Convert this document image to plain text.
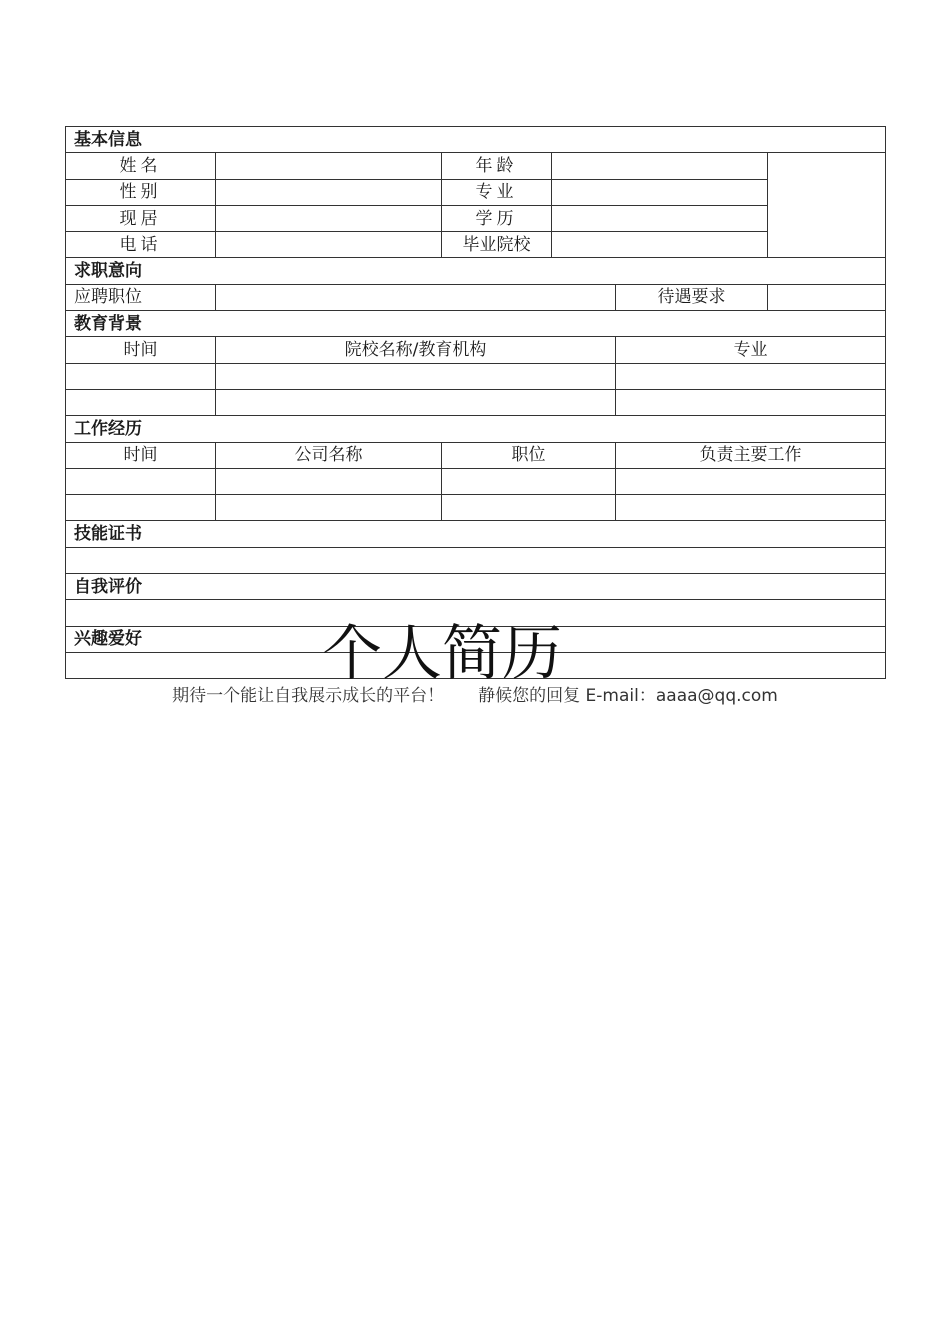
基本信息					
姓名		年龄			
性别		专业			
现居		学历			
电话		毕业院校			
求职意向					
应聘职位				待遇要求	
教育背景					
时间	院校名称/教育机构			专业	

工作经历					
时间	公司名称	职位		负责主要工作	

技能证书					

自我评价					

兴趣爱好						个人简历
期待一个能让自我展示成长的平台！ 静候您的回复 E-mail：aaaa@qq.com
